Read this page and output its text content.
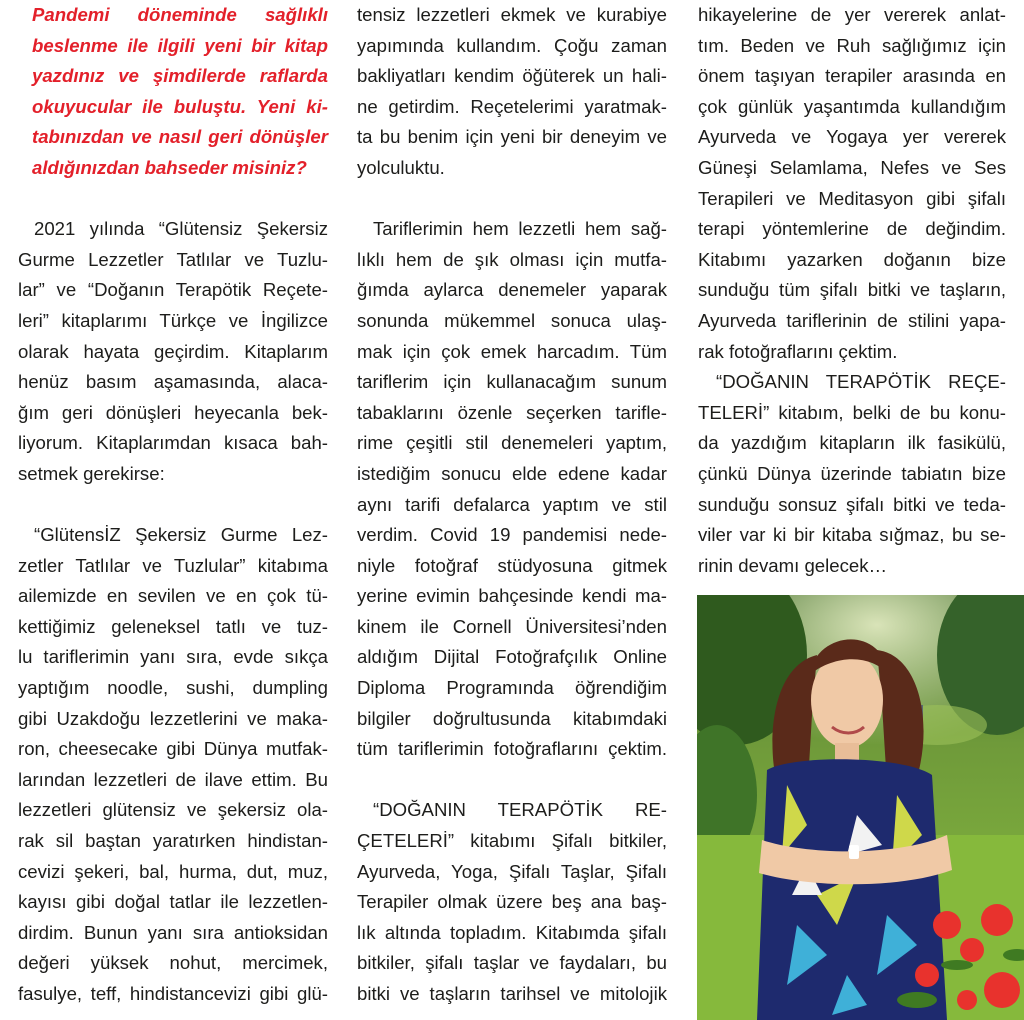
Pandemi döneminde sağlıklı

beslenme ile ilgili yeni bir kitap

yazdınız ve şimdilerde raflarda

okuyucular ile buluştu. Yeni ki-

tabınızdan ve nasıl geri dönüşler

aldığınızdan bahseder misiniz?

2021 yılında “Glütensiz Şekersiz

Gurme Lezzetler Tatlılar ve Tuzlu-

lar” ve “Doğanın Terapötik Reçete-

leri” kitaplarımı Türkçe ve İngilizce

olarak hayata geçirdim. Kitaplarım

henüz basım aşamasında, alaca-

ğım geri dönüşleri heyecanla bek-

liyorum. Kitaplarımdan kısaca bah-

setmek gerekirse:

“GlütensİZ Şekersiz Gurme Lez-

zetler Tatlılar ve Tuzlular” kitabıma

ailemizde en sevilen ve en çok tü-

kettiğimiz geleneksel tatlı ve tuz-

lu tariflerimin yanı sıra, evde sıkça

yaptığım noodle, sushi, dumpling

gibi Uzakdoğu lezzetlerini ve maka-

ron, cheesecake gibi Dünya mutfak-

larından lezzetleri de ilave ettim. Bu

lezzetleri glütensiz ve şekersiz ola-

rak sil baştan yaratırken hindistan-

cevizi şekeri, bal, hurma, dut, muz,

kayısı gibi doğal tatlar ile lezzetlen-

dirdim. Bunun yanı sıra antioksidan

değeri yüksek nohut, mercimek,

fasulye, teff, hindistancevizi gibi glü-

tensiz lezzetleri ekmek ve kurabiye

yapımında kullandım. Çoğu zaman

bakliyatları kendim öğüterek un hali-

ne getirdim. Reçetelerimi yaratmak-

ta bu benim için yeni bir deneyim ve

yolculuktu.

Tariflerimin hem lezzetli hem sağ-

lıklı hem de şık olması için mutfa-

ğımda aylarca denemeler yaparak

sonunda mükemmel sonuca ulaş-

mak için çok emek harcadım. Tüm

tariflerim için kullanacağım sunum

tabaklarını özenle seçerken tarifle-

rime çeşitli stil denemeleri yaptım,

istediğim sonucu elde edene kadar

aynı tarifi defalarca yaptım ve stil

verdim. Covid 19 pandemisi nede-

niyle fotoğraf stüdyosuna gitmek

yerine evimin bahçesinde kendi ma-

kinem ile Cornell Üniversitesi’nden

aldığım Dijital Fotoğrafçılık Online

Diploma Programında öğrendiğim

bilgiler doğrultusunda kitabımdaki

tüm tariflerimin fotoğraflarını çektim.

“DOĞANIN TERAPÖTİK RE-

ÇETELERİ” kitabımı Şifalı bitkiler,

Ayurveda, Yoga, Şifalı Taşlar, Şifalı

Terapiler olmak üzere beş ana baş-

lık altında topladım. Kitabımda şifalı

bitkiler, şifalı taşlar ve faydaları, bu

bitki ve taşların tarihsel ve mitolojik

hikayelerine de yer vererek anlat-

tım. Beden ve Ruh sağlığımız için

önem taşıyan terapiler arasında en

çok günlük yaşantımda kullandığım

Ayurveda ve Yogaya yer vererek

Güneşi Selamlama, Nefes ve Ses

Terapileri ve Meditasyon gibi şifalı

terapi yöntemlerine de değindim.

Kitabımı yazarken doğanın bize

sunduğu tüm şifalı bitki ve taşların,

Ayurveda tariflerinin de stilini yapa-

rak fotoğraflarını çektim.

“DOĞANIN TERAPÖTİK REÇE-

TELERİ” kitabım, belki de bu konu-

da yazdığım kitapların ilk fasikülü,

çünkü Dünya üzerinde tabiatın bize

sunduğu sonsuz şifalı bitki ve teda-

viler var ki bir kitaba sığmaz, bu se-

rinin devamı gelecek…
